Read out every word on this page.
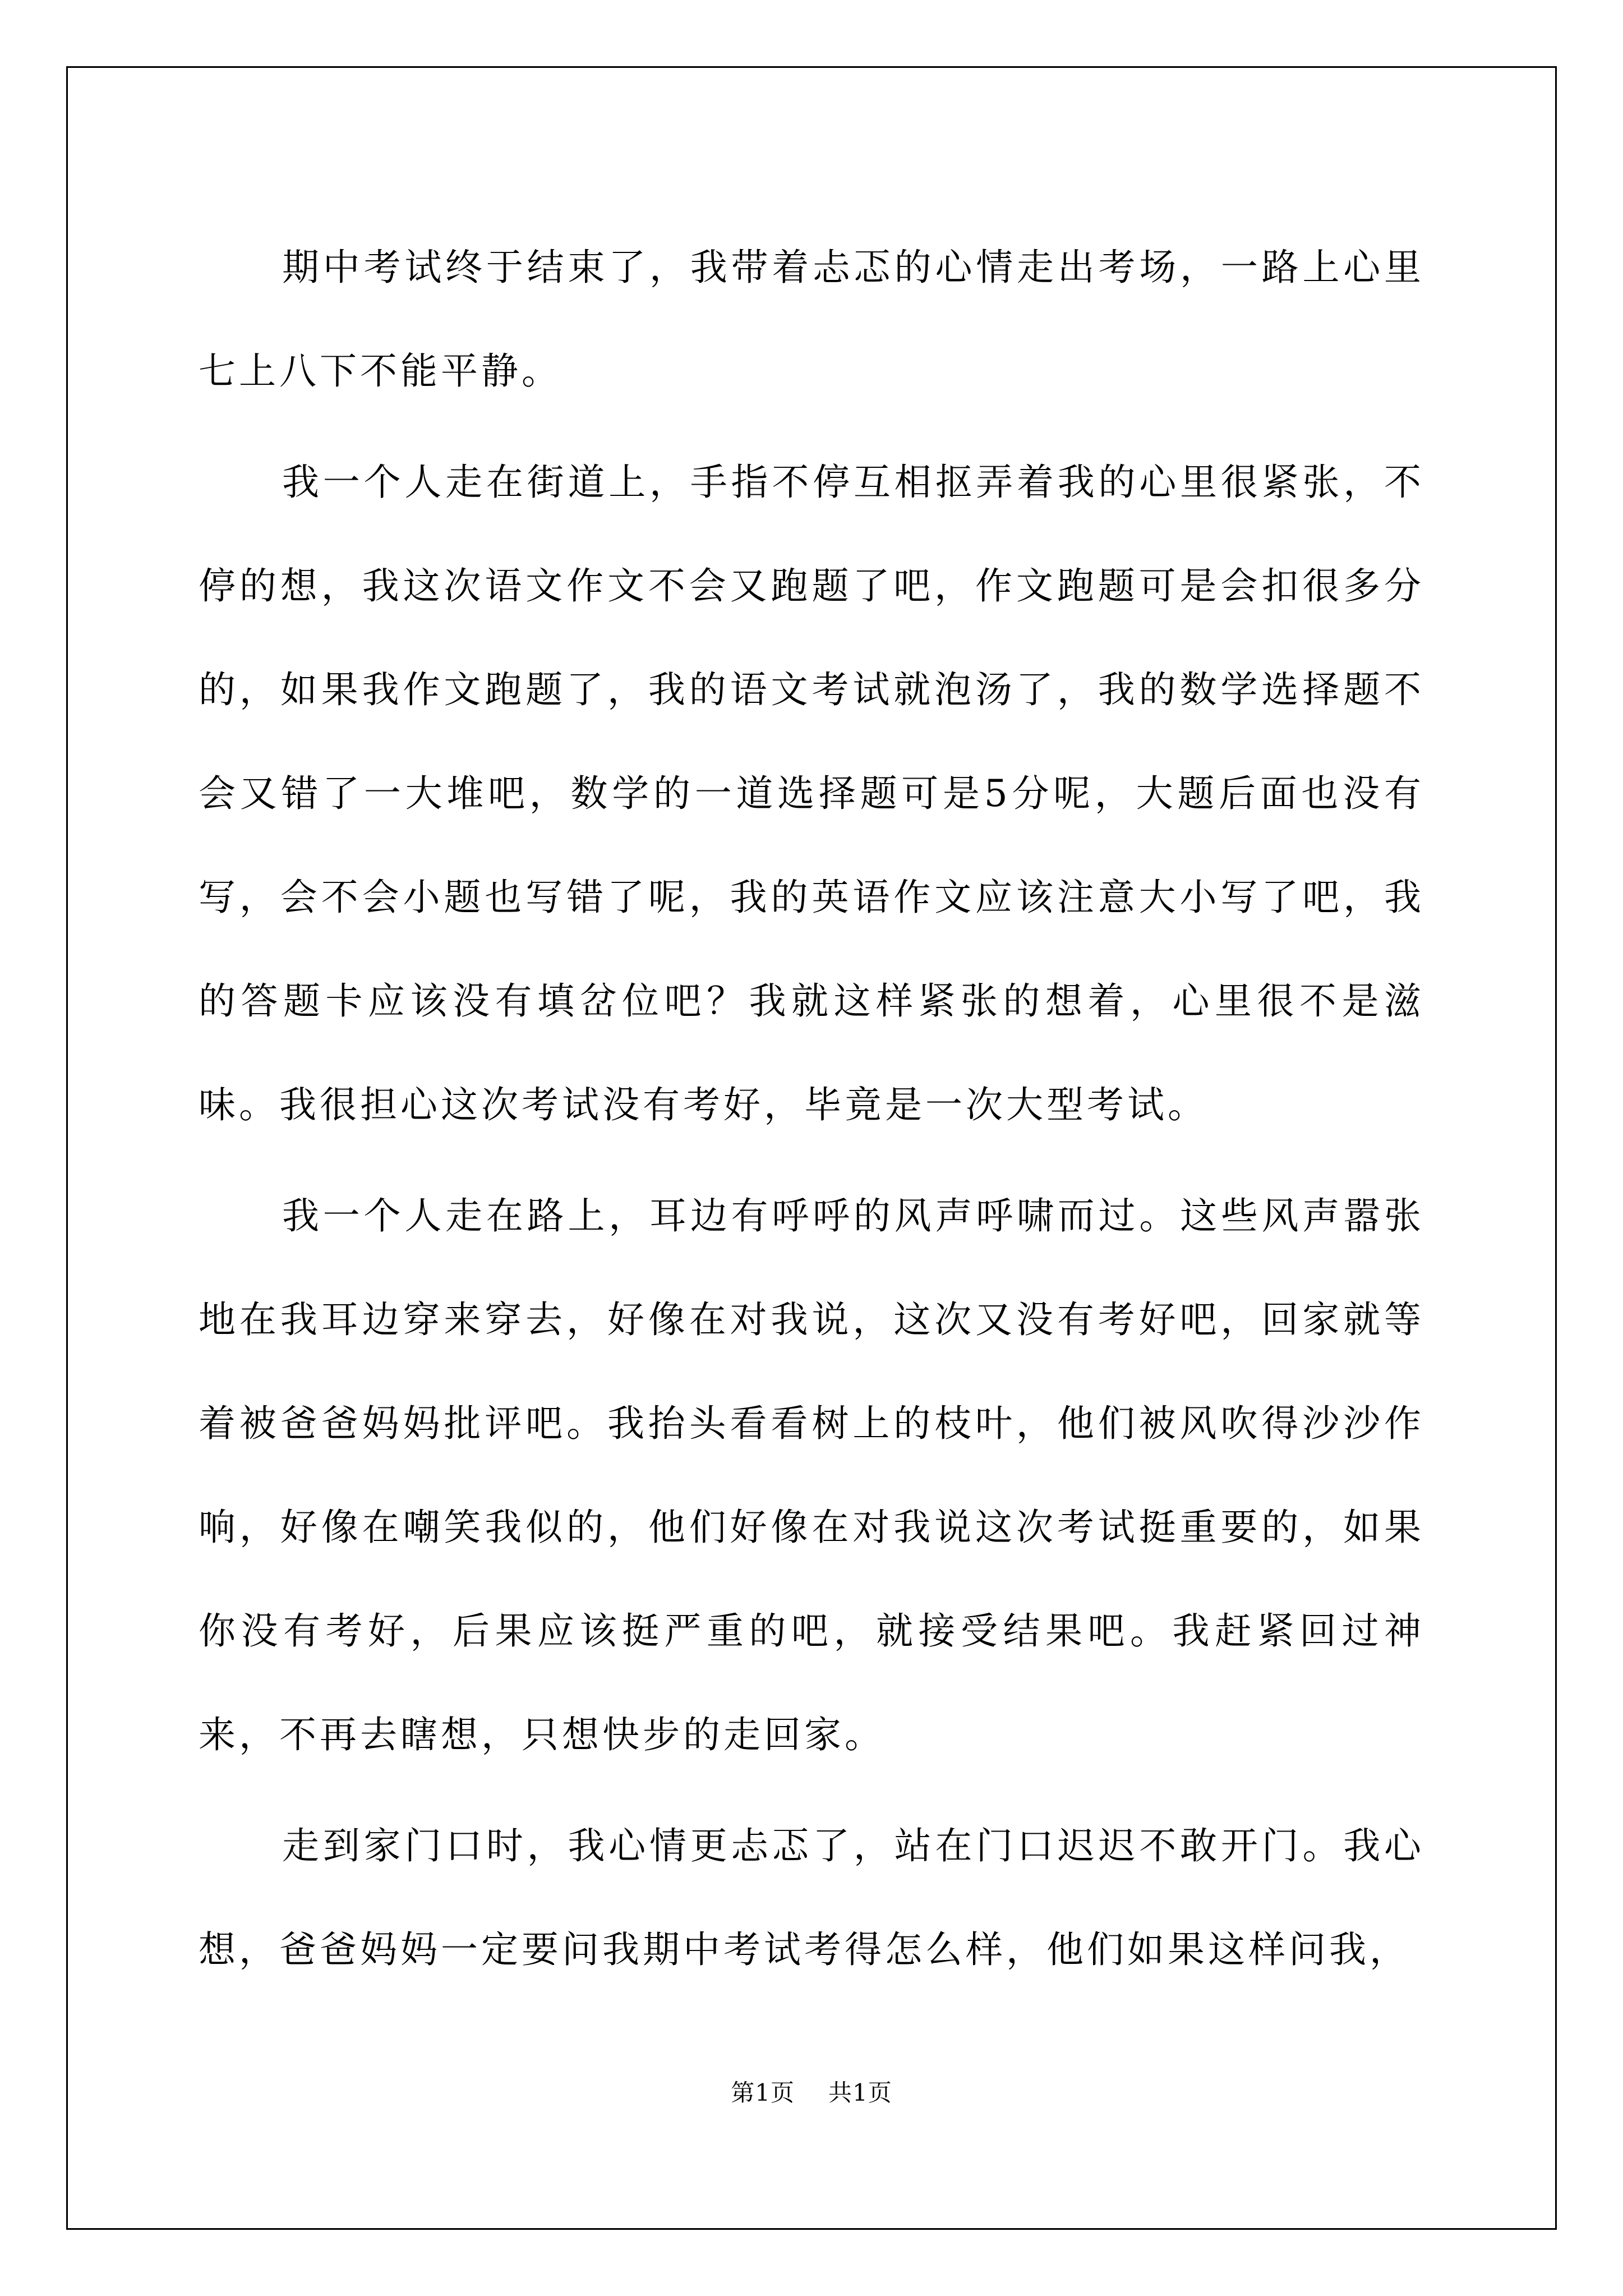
期中考试终于结束了，我带着忐忑的心情走出考场，一路上心里七上八下不能平静。

我一个人走在街道上，手指不停互相抠弄着我的心里很紧张，不停的想，我这次语文作文不会又跑题了吧，作文跑题可是会扣很多分的，如果我作文跑题了，我的语文考试就泡汤了，我的数学选择题不会又错了一大堆吧，数学的一道选择题可是5分呢，大题后面也没有写，会不会小题也写错了呢，我的英语作文应该注意大小写了吧，我的答题卡应该没有填岔位吧？我就这样紧张的想着，心里很不是滋味。我很担心这次考试没有考好，毕竟是一次大型考试。

我一个人走在路上，耳边有呼呼的风声呼啸而过。这些风声嚣张地在我耳边穿来穿去，好像在对我说，这次又没有考好吧，回家就等着被爸爸妈妈批评吧。我抬头看看树上的枝叶，他们被风吹得沙沙作响，好像在嘲笑我似的，他们好像在对我说这次考试挺重要的，如果你没有考好，后果应该挺严重的吧，就接受结果吧。我赶紧回过神来，不再去瞎想，只想快步的走回家。

走到家门口时，我心情更忐忑了，站在门口迟迟不敢开门。我心想，爸爸妈妈一定要问我期中考试考得怎么样，他们如果这样问我，

第1页 共1页
